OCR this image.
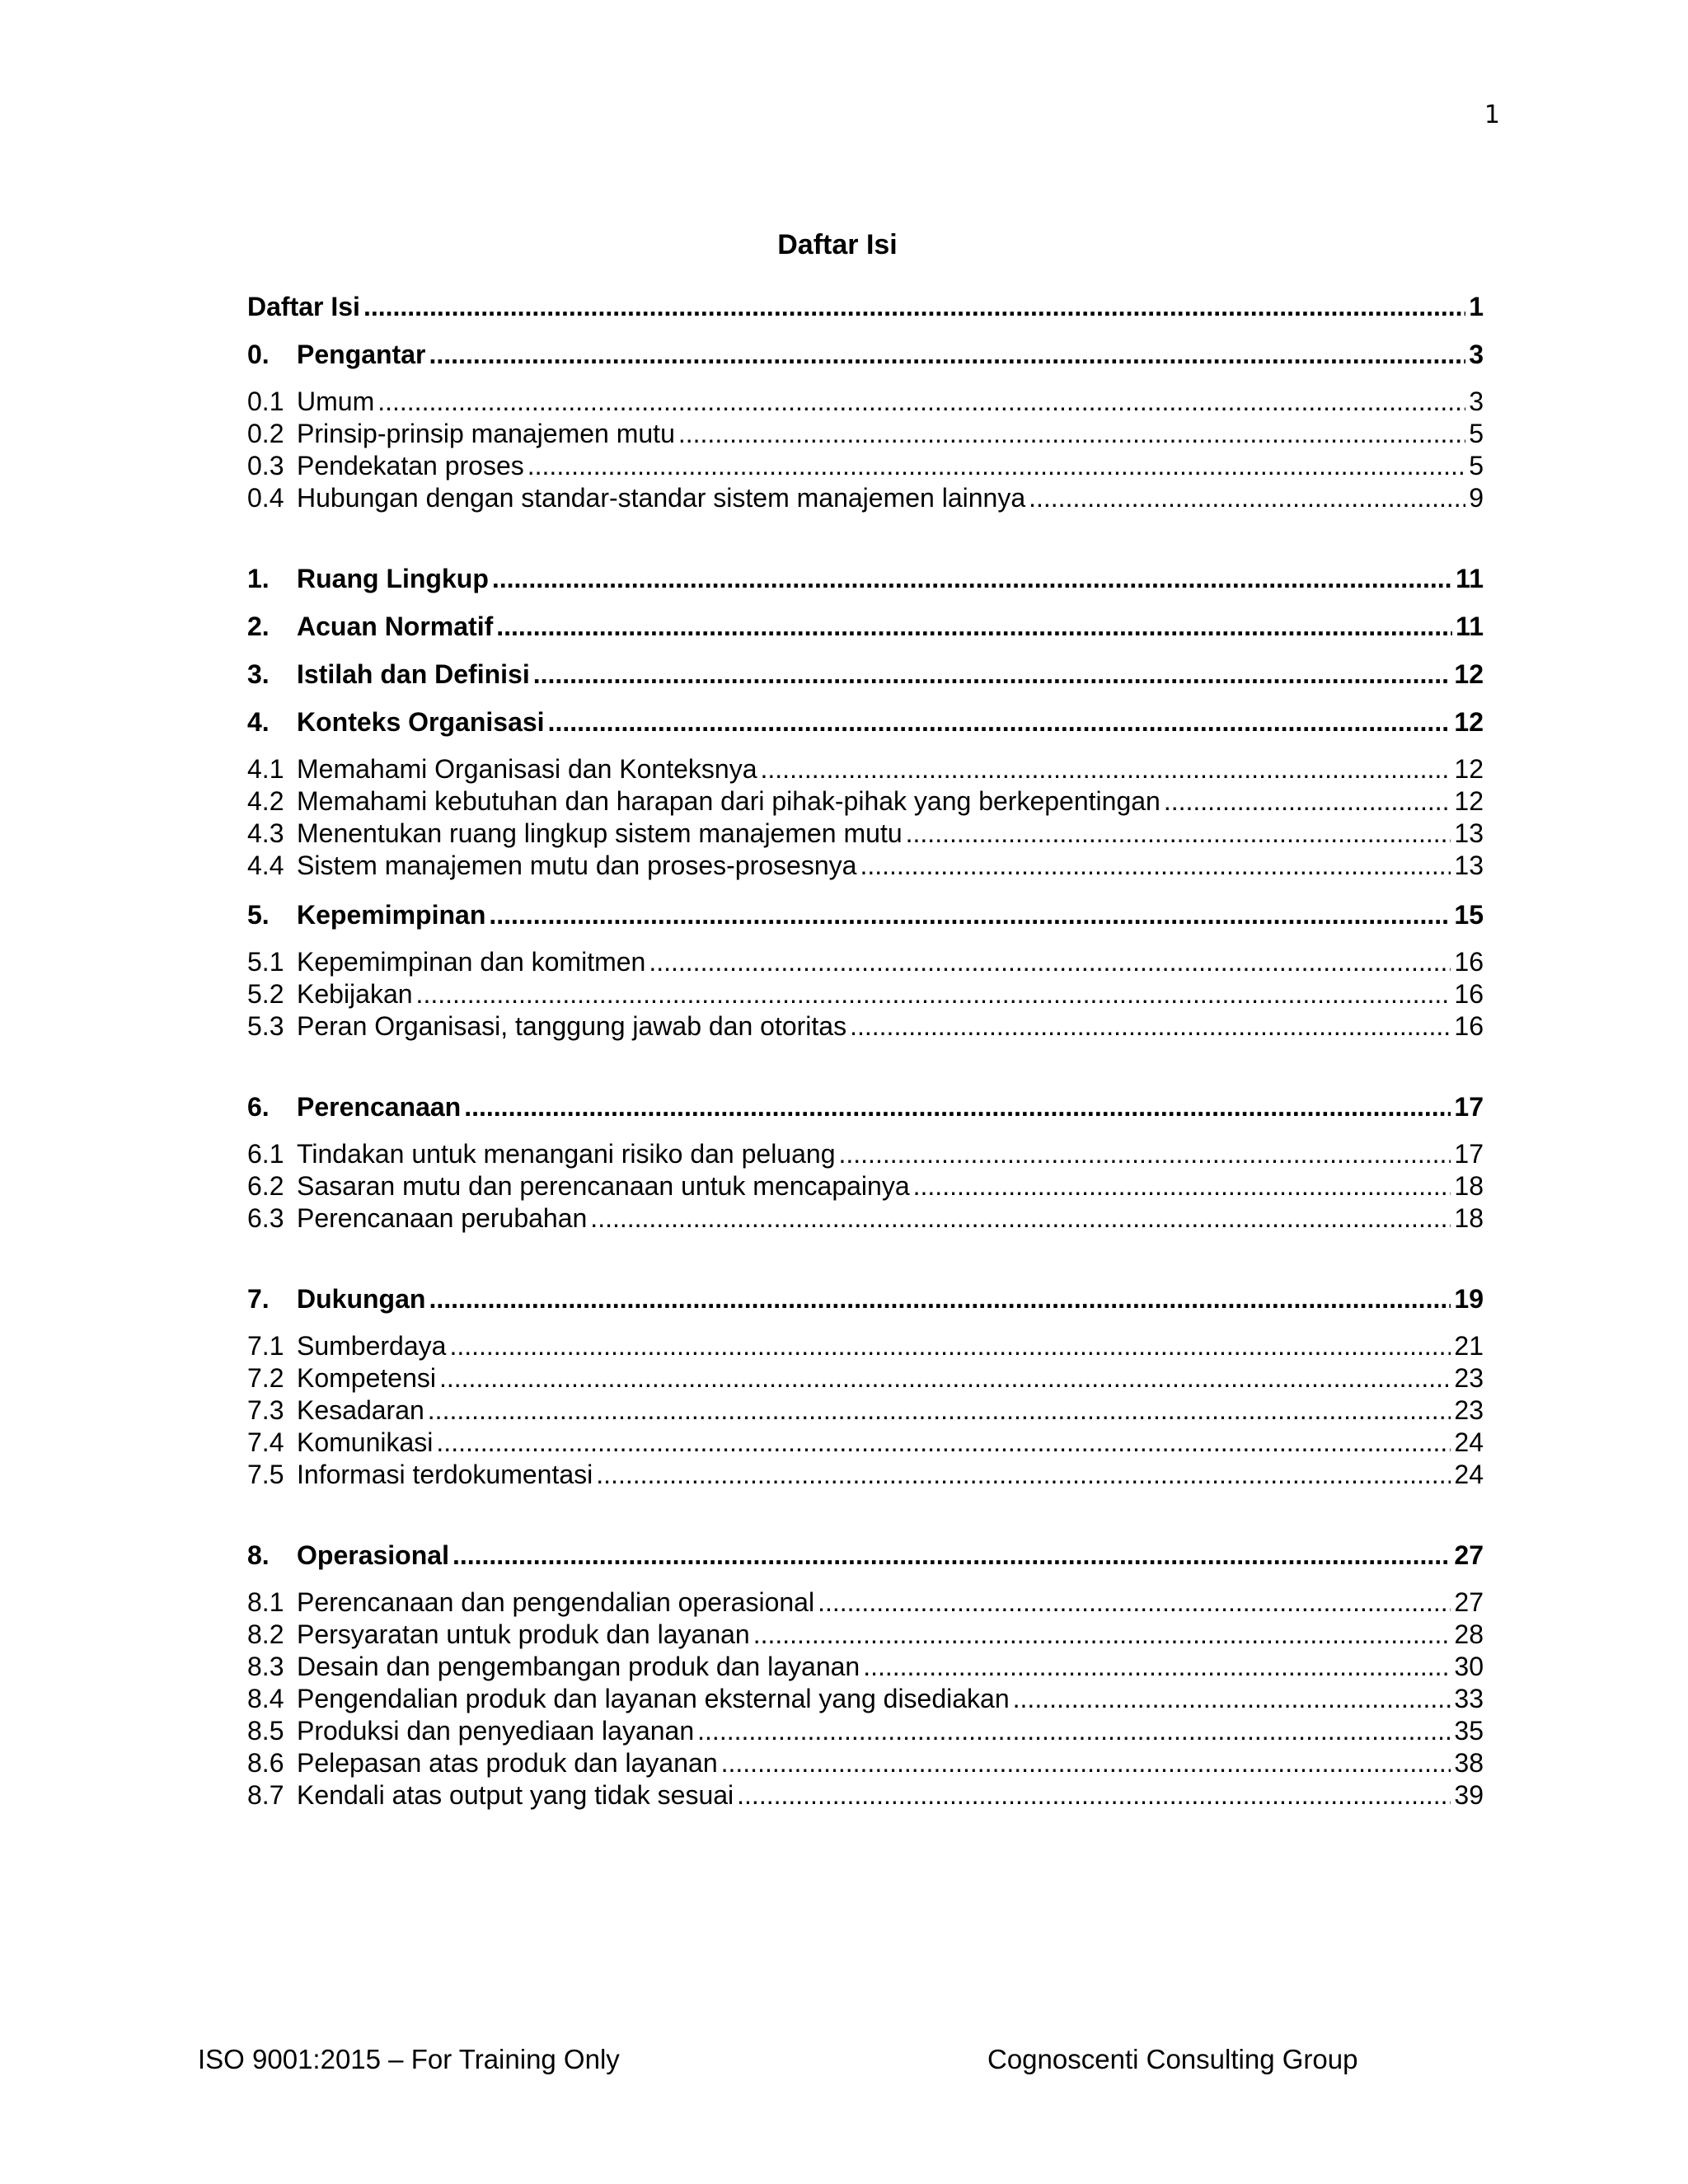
1
Daftar Isi
Daftar Isi .....	1
0.	Pengantar .....	3
0.1 Umum .....	3
0.2 Prinsip-prinsip manajemen mutu .....	5
0.3 Pendekatan proses .....	5
0.4 Hubungan dengan standar-standar sistem manajemen lainnya .....	9
1.	Ruang Lingkup .....	11
2.	Acuan Normatif .....	11
3.	Istilah dan Definisi .....	12
4.	Konteks Organisasi .....	12
4.1 Memahami Organisasi dan Konteksnya .....	12
4.2 Memahami kebutuhan dan harapan dari pihak-pihak yang berkepentingan .....	12
4.3 Menentukan ruang lingkup sistem manajemen mutu .....	13
4.4 Sistem manajemen mutu dan proses-prosesnya .....	13
5.	Kepemimpinan .....	15
5.1 Kepemimpinan dan komitmen .....	16
5.2 Kebijakan .....	16
5.3 Peran Organisasi, tanggung jawab dan otoritas .....	16
6.	Perencanaan .....	17
6.1 Tindakan untuk menangani risiko dan peluang .....	17
6.2 Sasaran mutu dan perencanaan untuk mencapainya .....	18
6.3 Perencanaan perubahan .....	18
7.	Dukungan .....	19
7.1 Sumberdaya .....	21
7.2 Kompetensi .....	23
7.3 Kesadaran .....	23
7.4 Komunikasi .....	24
7.5 Informasi terdokumentasi .....	24
8.	Operasional .....	27
8.1 Perencanaan dan pengendalian operasional .....	27
8.2 Persyaratan untuk produk dan layanan .....	28
8.3 Desain dan pengembangan produk dan layanan .....	30
8.4 Pengendalian produk dan layanan eksternal yang disediakan .....	33
8.5 Produksi dan penyediaan layanan .....	35
8.6 Pelepasan atas produk dan layanan .....	38
8.7 Kendali atas output yang tidak sesuai .....	39
ISO 9001:2015 – For Training Only	Cognoscenti Consulting Group
